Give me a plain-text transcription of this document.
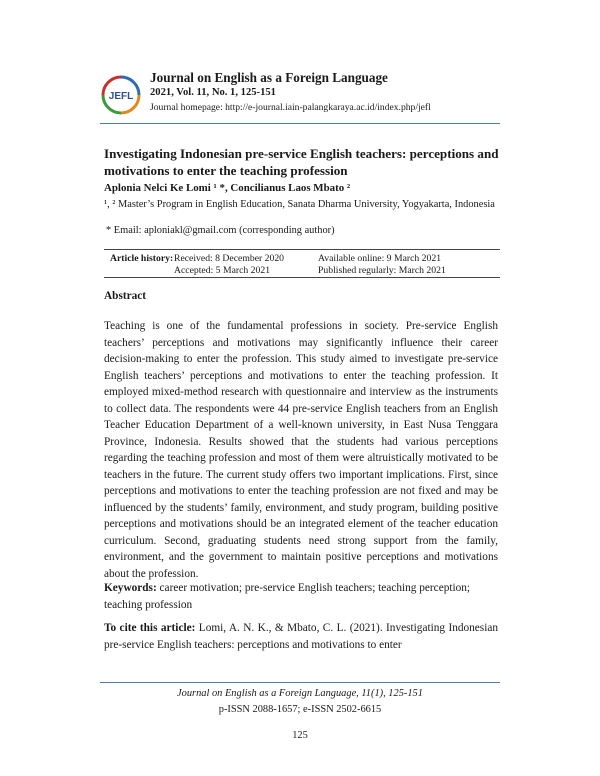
JEFL
Journal on English as a Foreign Language
2021, Vol. 11, No. 1, 125-151
Journal homepage: http://e-journal.iain-palangkaraya.ac.id/index.php/jefl
Investigating Indonesian pre-service English teachers: perceptions and motivations to enter the teaching profession
Aplonia Nelci Ke Lomi ¹ *, Concilianus Laos Mbato ²
¹, ² Master’s Program in English Education, Sanata Dharma University, Yogyakarta, Indonesia
* Email: aploniakl@gmail.com (corresponding author)
Article history: Received: 8 December 2020
Accepted: 5 March 2021
Available online: 9 March 2021
Published regularly: March 2021
Abstract
Teaching is one of the fundamental professions in society. Pre-service English teachers’ perceptions and motivations may significantly influence their career decision-making to enter the profession. This study aimed to investigate pre-service English teachers’ perceptions and motivations to enter the teaching profession. It employed mixed-method research with questionnaire and interview as the instruments to collect data. The respondents were 44 pre-service English teachers from an English Teacher Education Department of a well-known university, in East Nusa Tenggara Province, Indonesia. Results showed that the students had various perceptions regarding the teaching profession and most of them were altruistically motivated to be teachers in the future. The current study offers two important implications. First, since perceptions and motivations to enter the teaching profession are not fixed and may be influenced by the students’ family, environment, and study program, building positive perceptions and motivations should be an integrated element of the teacher education curriculum. Second, graduating students need strong support from the family, environment, and the government to maintain positive perceptions and motivations about the profession.
Keywords: career motivation; pre-service English teachers; teaching perception; teaching profession
To cite this article: Lomi, A. N. K., & Mbato, C. L. (2021). Investigating Indonesian pre-service English teachers: perceptions and motivations to enter
Journal on English as a Foreign Language, 11(1), 125-151
p-ISSN 2088-1657; e-ISSN 2502-6615
125
